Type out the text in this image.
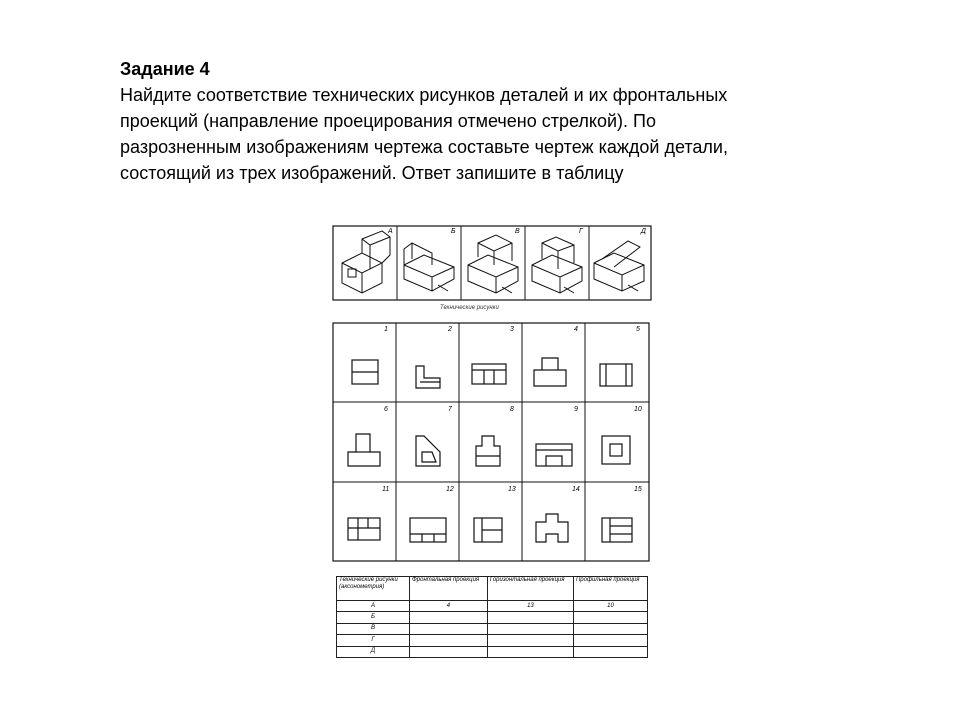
Задание 4
Найдите соответствие технических рисунков деталей и их фронтальных
проекций (направление проецирования отмечено стрелкой). По
разрозненным изображениям чертежа составьте чертеж каждой детали,
состоящий из трех изображений. Ответ запишите в таблицу
А	Б	В	Г	Д
Технические рисунки
1	2	3	4	5
6	7	8	9	10
11	12	13	14	15
Технические рисунки (аксонометрия)	Фронтальная проекция	Горизонтальная проекция	Профильная проекция
А	4	13	10
Б			
В			
Г			
Д			
